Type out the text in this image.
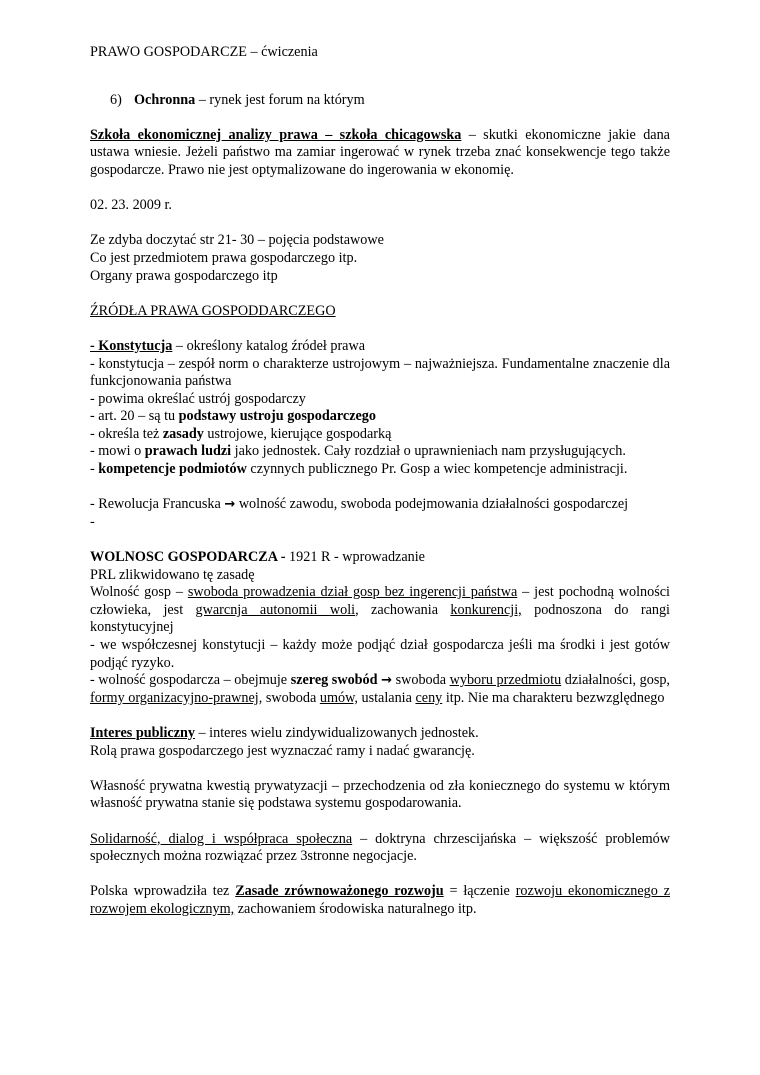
PRAWO GOSPODARCZE – ćwiczenia

6) Ochronna – rynek jest forum na którym

Szkoła ekonomicznej analizy prawa – szkoła chicagowska – skutki ekonomiczne jakie dana ustawa wniesie. Jeżeli państwo ma zamiar ingerować w rynek trzeba znać konsekwencje tego także gospodarcze. Prawo nie jest optymalizowane do ingerowania w ekonomię.

02. 23. 2009 r.

Ze zdyba doczytać str 21- 30 – pojęcia podstawowe

Co jest przedmiotem prawa gospodarczego itp.

Organy prawa gospodarczego itp

ŹRÓDŁA PRAWA GOSPODDARCZEGO

- Konstytucja – określony katalog źródeł prawa

- konstytucja – zespół norm o charakterze ustrojowym – najważniejsza. Fundamentalne znaczenie dla funkcjonowania państwa

- powima określać ustrój gospodarczy

- art. 20 – są tu podstawy ustroju gospodarczego

- określa też zasady ustrojowe, kierujące gospodarką

- mowi o prawach ludzi jako jednostek. Cały rozdział o uprawnieniach nam przysługujących.

- kompetencje podmiotów czynnych publicznego Pr. Gosp a wiec kompetencje administracji.

- Rewolucja Francuska → wolność zawodu, swoboda podejmowania działalności gospodarczej

-

WOLNOSC GOSPODARCZA - 1921 R - wprowadzanie

PRL zlikwidowano tę zasadę

Wolność gosp – swoboda prowadzenia dział gosp bez ingerencji państwa – jest pochodną wolności człowieka, jest gwarcnja autonomii woli, zachowania konkurencji, podnoszona do rangi konstytucyjnej

- we współczesnej konstytucji – każdy może podjąć dział gospodarcza jeśli ma środki i jest gotów podjąć ryzyko.

- wolność gospodarcza – obejmuje szereg swobód → swoboda wyboru przedmiotu działalności, gosp, formy organizacyjno-prawnej, swoboda umów, ustalania ceny itp. Nie ma charakteru bezwzględnego

Interes publiczny – interes wielu zindywidualizowanych jednostek.

Rolą prawa gospodarczego jest wyznaczać ramy i nadać gwarancję.

Własność prywatna kwestią prywatyzacji – przechodzenia od zła koniecznego do systemu w którym własność prywatna stanie się podstawa systemu gospodarowania.

Solidarność, dialog i współpraca społeczna – doktryna chrzescijańska – większość problemów społecznych można rozwiązać przez 3stronne negocjacje.

Polska wprowadziła tez Zasade zrównoważonego rozwoju = łączenie rozwoju ekonomicznego z rozwojem ekologicznym, zachowaniem środowiska naturalnego itp.
